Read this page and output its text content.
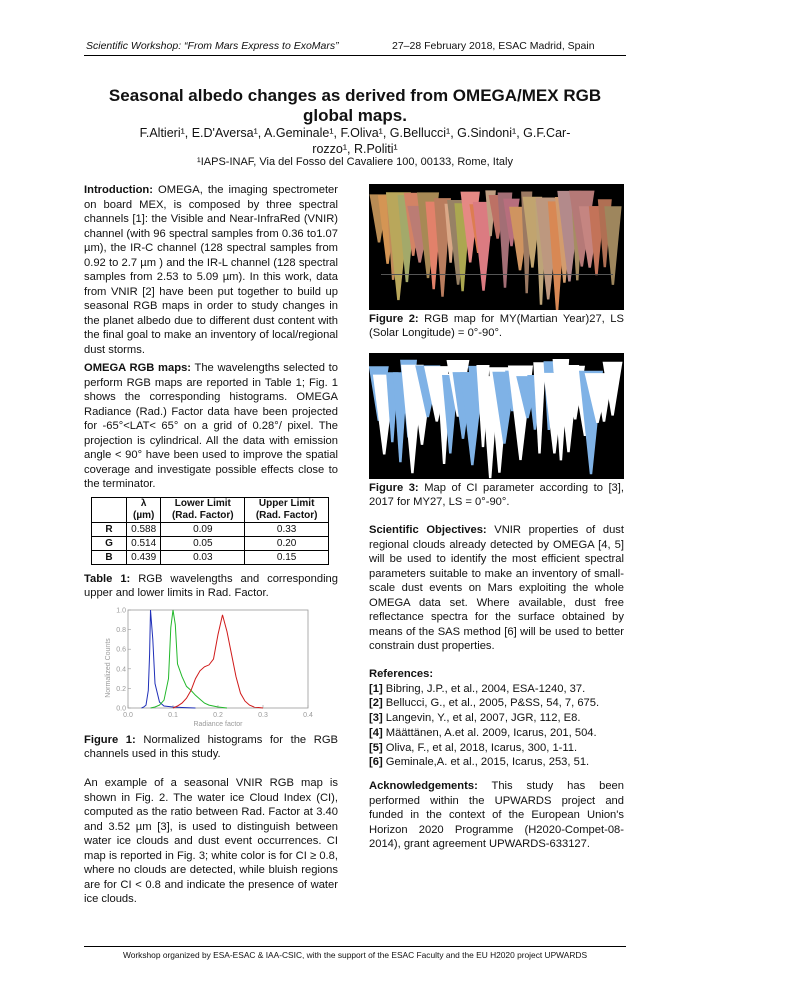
Scientific Workshop: “From Mars Express to ExoMars”	27–28 February 2018, ESAC Madrid, Spain
Seasonal albedo changes as derived from OMEGA/MEX RGB global maps.
F.Altieri¹, E.D'Aversa¹, A.Geminale¹, F.Oliva¹, G.Bellucci¹, G.Sindoni¹, G.F.Car-
rozzo¹, R.Politi¹
¹IAPS-INAF, Via del Fosso del Cavaliere 100, 00133, Rome, Italy

Introduction: OMEGA, the imaging spectrometer on board MEX, is composed by three spectral channels [1]: the Visible and Near-InfraRed (VNIR) channel (with 96 spectral samples from 0.36 to1.07 µm), the IR-C channel (128 spectral samples from 0.92 to 2.7 µm ) and the IR-L channel (128 spectral samples from 2.53 to 5.09 µm). In this work, data from VNIR [2] have been put together to build up seasonal RGB maps in order to study changes in the planet albedo due to different dust content with the final goal to make an inventory of local/regional dust storms.

OMEGA RGB maps: The wavelengths selected to perform RGB maps are reported in Table 1; Fig. 1 shows the corresponding histograms. OMEGA Radiance (Rad.) Factor data have been projected for -65°<LAT< 65° on a grid of 0.28°/ pixel. The projection is cylindrical. All the data with emission angle < 90° have been used to improve the spatial coverage and investigate possible effects close to the terminator.

	λ (µm)	Lower Limit (Rad. Factor)	Upper Limit (Rad. Factor)
R	0.588	0.09	0.33
G	0.514	0.05	0.20
B	0.439	0.03	0.15
Table 1: RGB wavelengths and corresponding upper and lower limits in Rad. Factor.
Normalized Counts
Radiance factor
0.0	0.1	0.2	0.3	0.4
0.0
0.2
0.4
0.6
0.8
1.0
Figure 1: Normalized histograms for the RGB channels used in this study.

An example of a seasonal VNIR RGB map is shown in Fig. 2. The water ice Cloud Index (CI), computed as the ratio between Rad. Factor at 3.40 and 3.52 µm [3], is used to distinguish between water ice clouds and dust event occurrences. CI map is reported in Fig. 3; white color is for CI ≥ 0.8, where no clouds are detected, while bluish regions are for CI < 0.8 and indicate the presence of water ice clouds.

Figure 2: RGB map for MY(Martian Year)27, LS (Solar Longitude) = 0°-90°.
Figure 3: Map of CI parameter according to [3], 2017 for MY27, LS = 0°-90°.

Scientific Objectives: VNIR properties of dust regional clouds already detected by OMEGA [4, 5] will be used to identify the most efficient spectral parameters suitable to make an inventory of small-scale dust events on Mars exploiting the whole OMEGA data set. Where available, dust free reflectance spectra for the surface obtained by means of the SAS method [6] will be used to better constrain dust properties.

References:
[1] Bibring, J.P., et al., 2004, ESA-1240, 37.
[2] Bellucci, G., et al., 2005, P&SS, 54, 7, 675.
[3] Langevin, Y., et al, 2007, JGR, 112, E8.
[4] Määttänen, A.et al. 2009, Icarus, 201, 504.
[5] Oliva, F., et al, 2018, Icarus, 300, 1-11.
[6] Geminale,A. et al., 2015, Icarus, 253, 51.

Acknowledgements: This study has been performed within the UPWARDS project and funded in the context of the European Union's Horizon 2020 Programme (H2020-Compet-08-2014), grant agreement UPWARDS-633127.

Workshop organized by ESA-ESAC & IAA-CSIC, with the support of the ESAC Faculty and the EU H2020 project UPWARDS
